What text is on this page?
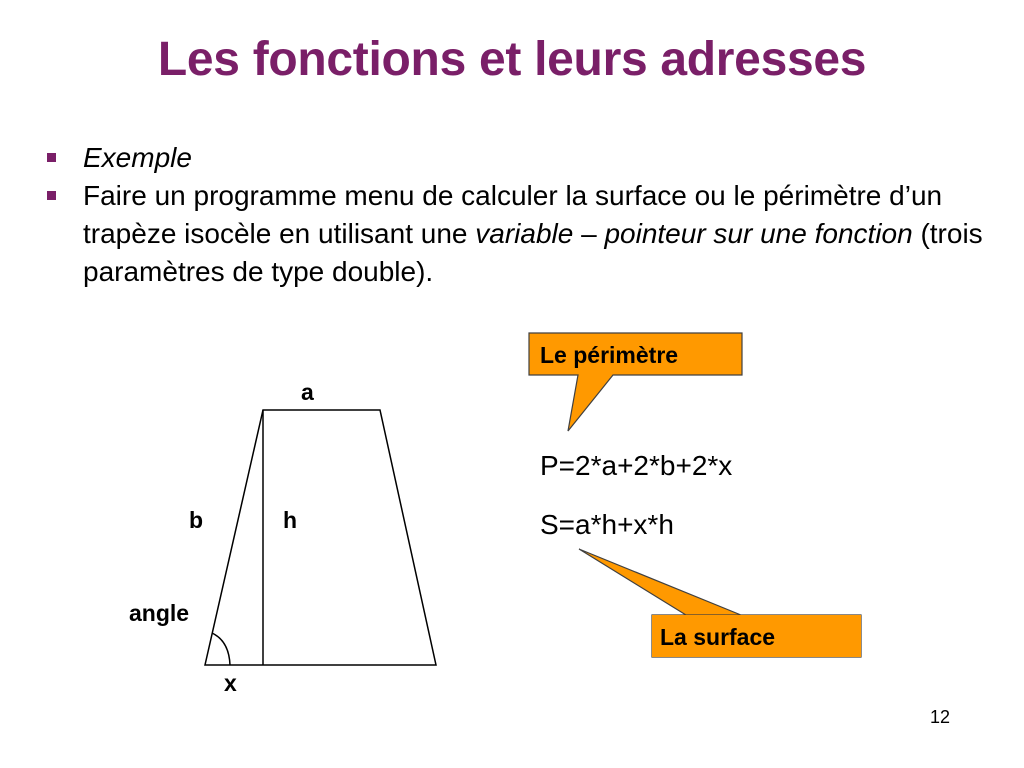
Les fonctions et leurs adresses
Exemple
Faire un programme menu de calculer la surface ou le périmètre d’un trapèze isocèle en utilisant une variable – pointeur sur une fonction (trois paramètres de type double).
Le périmètre
La surface
P=2*a+2*b+2*x
S=a*h+x*h
a
b	h
angle
x
12
